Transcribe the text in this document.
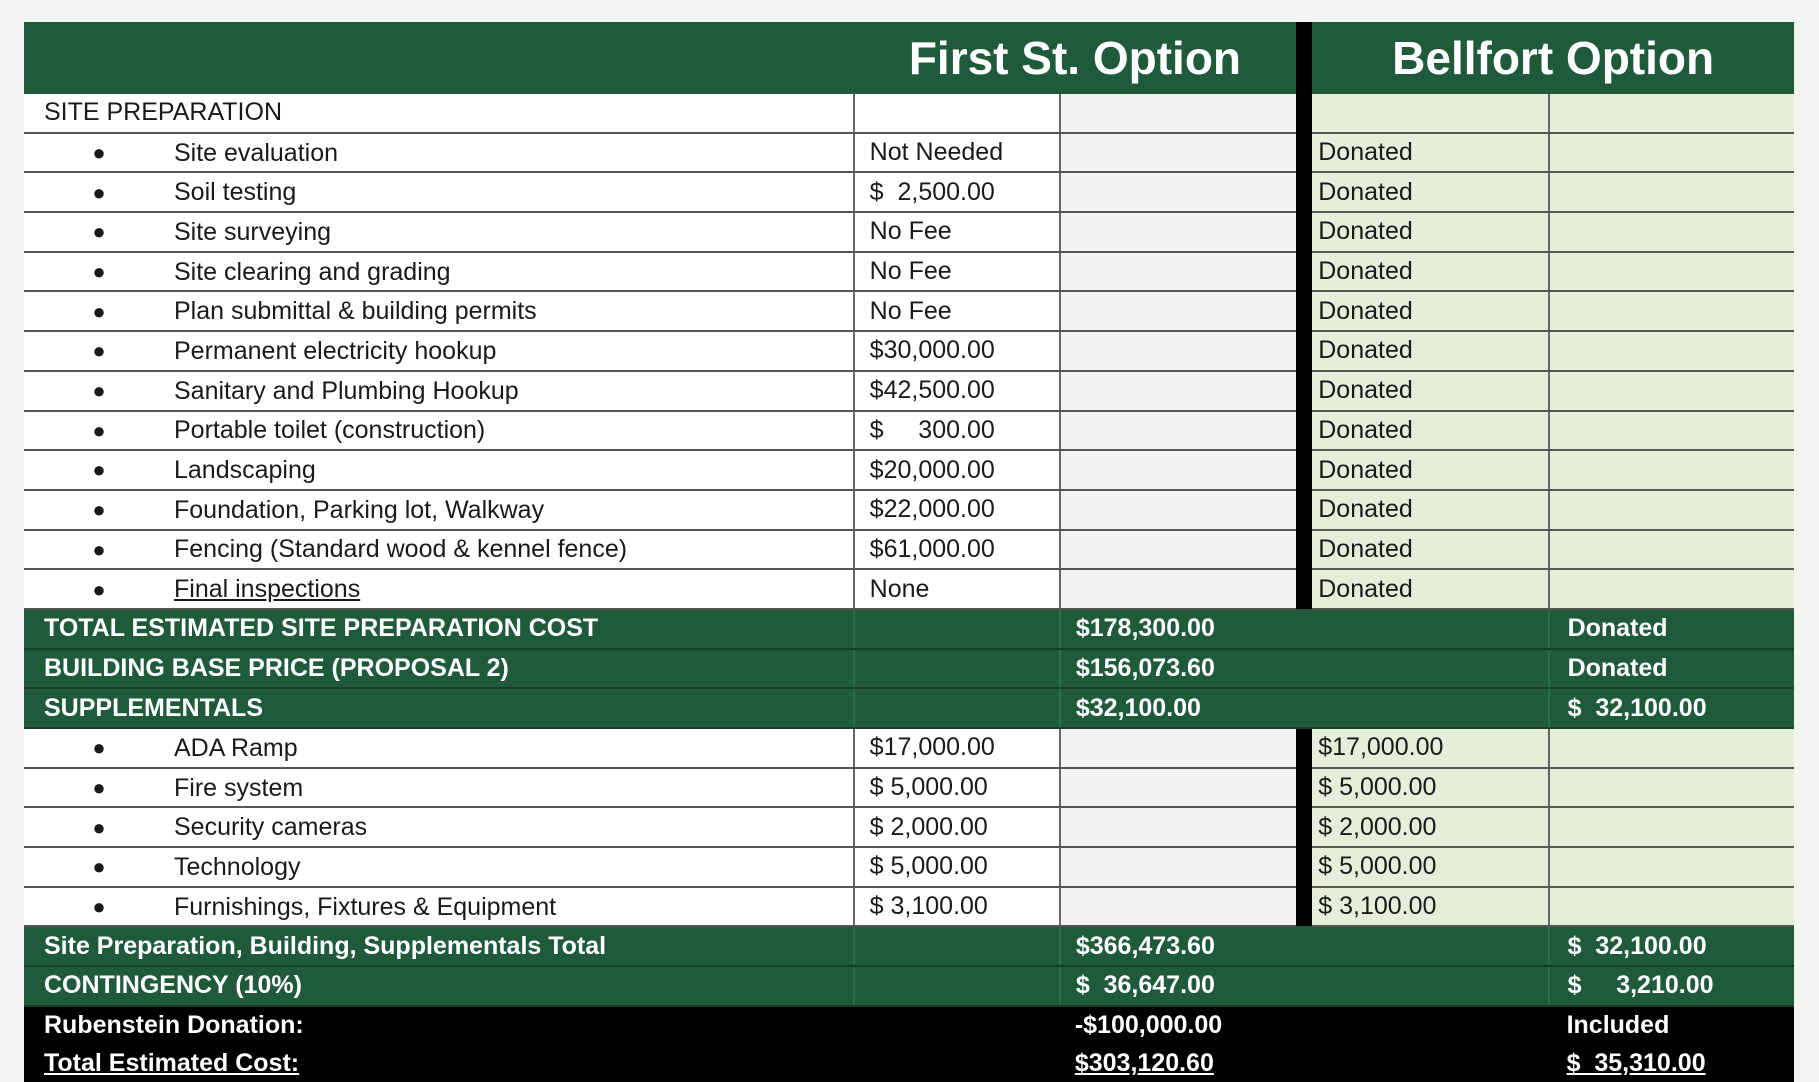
	First St. Option			Bellfort Option	
SITE PREPARATION					
● Site evaluation	Not Needed			Donated	
● Soil testing	$  2,500.00			Donated	
● Site surveying	No Fee			Donated	
● Site clearing and grading	No Fee			Donated	
● Plan submittal & building permits	No Fee			Donated	
● Permanent electricity hookup	$30,000.00			Donated	
● Sanitary and Plumbing Hookup	$42,500.00			Donated	
● Portable toilet (construction)	$     300.00			Donated	
● Landscaping	$20,000.00			Donated	
● Foundation, Parking lot, Walkway	$22,000.00			Donated	
● Fencing (Standard wood & kennel fence)	$61,000.00			Donated	
● Final inspections	None			Donated	
TOTAL ESTIMATED SITE PREPARATION COST		$178,300.00			Donated
BUILDING BASE PRICE (PROPOSAL 2)		$156,073.60			Donated
SUPPLEMENTALS		$32,100.00			$  32,100.00
● ADA Ramp	$17,000.00			$17,000.00	
● Fire system	$ 5,000.00			$ 5,000.00	
● Security cameras	$ 2,000.00			$ 2,000.00	
● Technology	$ 5,000.00			$ 5,000.00	
● Furnishings, Fixtures & Equipment	$ 3,100.00			$ 3,100.00	
Site Preparation, Building, Supplementals Total		$366,473.60			$  32,100.00
CONTINGENCY (10%)		$  36,647.00			$     3,210.00
Rubenstein Donation:		-$100,000.00			Included
Total Estimated Cost:		$303,120.60			$  35,310.00
